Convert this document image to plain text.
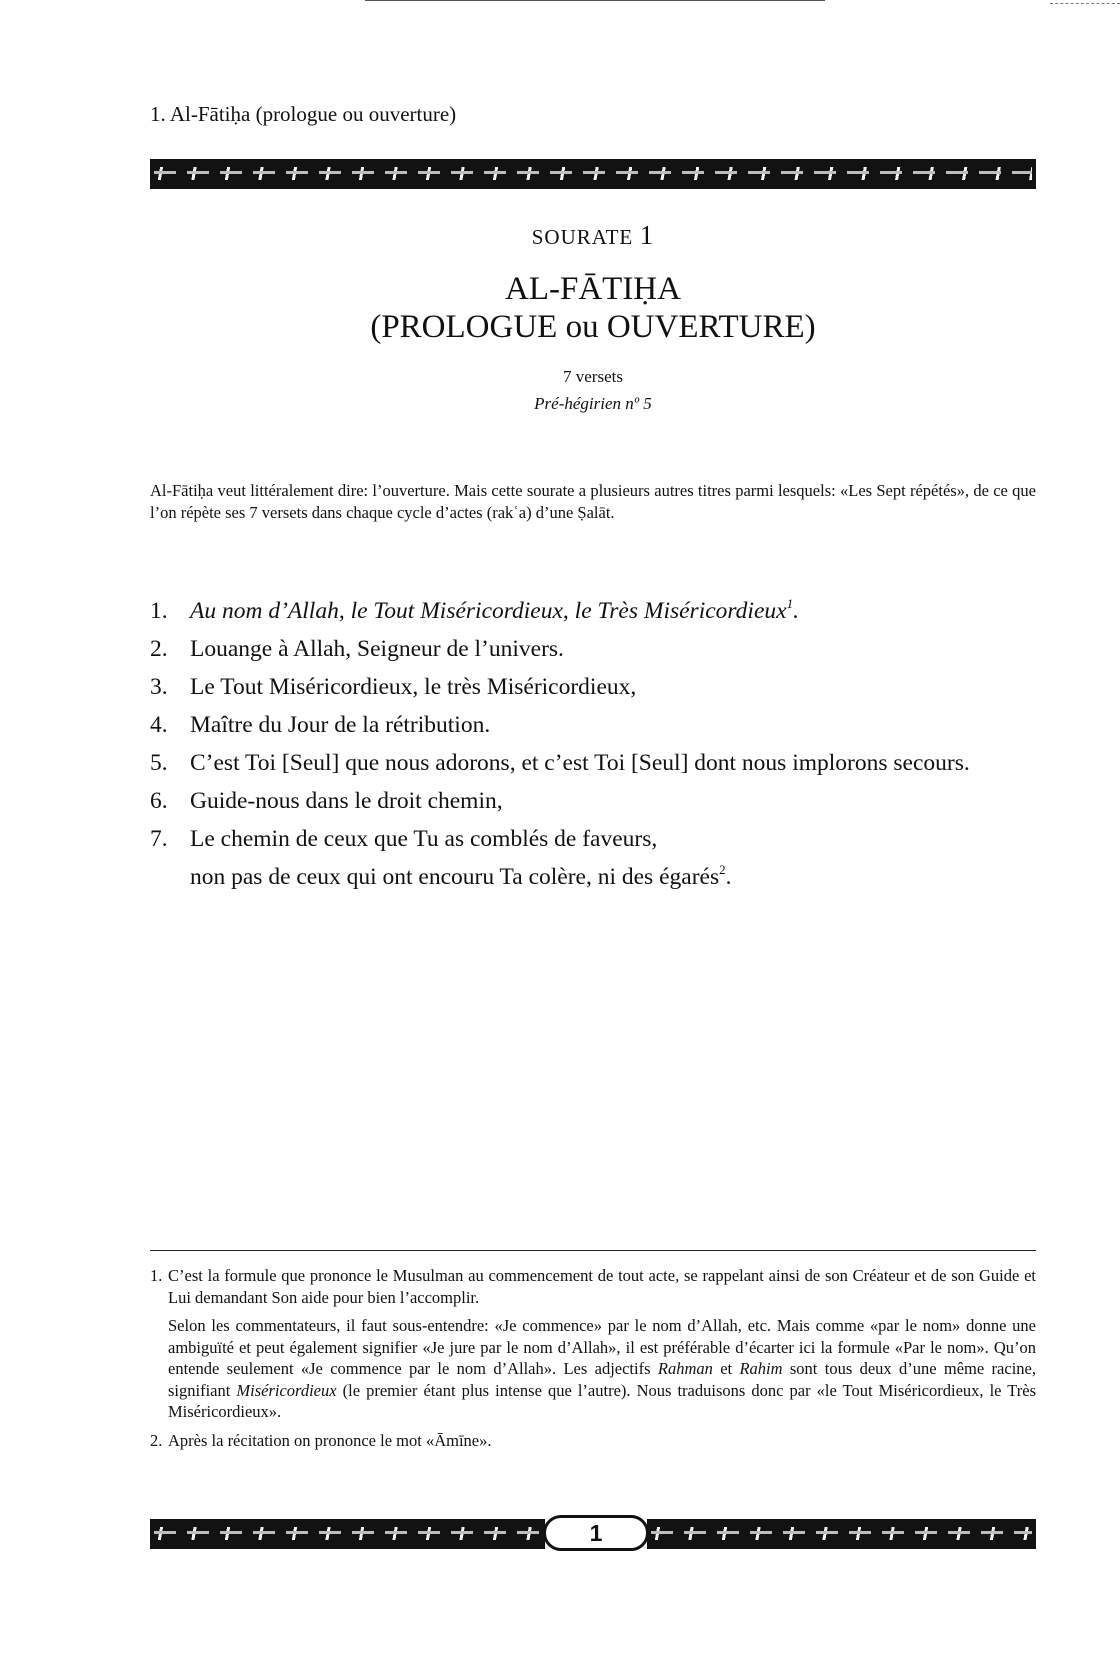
1. Al-Fātiḥa (prologue ou ouverture)
SOURATE 1
AL-FĀTIḤA
(PROLOGUE ou OUVERTURE)
7 versets
Pré-hégirien nº 5
Al-Fātiḥa veut littéralement dire: l’ouverture. Mais cette sourate a plusieurs autres titres parmi lesquels: «Les Sept répétés», de ce que l’on répète ses 7 versets dans chaque cycle d’actes (rakʿa) d’une Ṣalāt.
1. Au nom d’Allah, le Tout Miséricordieux, le Très Miséricordieux$^1$.
2. Louange à Allah, Seigneur de l’univers.
3. Le Tout Miséricordieux, le très Miséricordieux,
4. Maître du Jour de la rétribution.
5. C’est Toi [Seul] que nous adorons, et c’est Toi [Seul] dont nous implorons secours.
6. Guide-nous dans le droit chemin,
7. Le chemin de ceux que Tu as comblés de faveurs,
non pas de ceux qui ont encouru Ta colère, ni des égarés$^2$.
1. C’est la formule que prononce le Musulman au commencement de tout acte, se rappelant ainsi de son Créateur et de son Guide et Lui demandant Son aide pour bien l’accomplir.
Selon les commentateurs, il faut sous-entendre: «Je commence» par le nom d’Allah, etc. Mais comme «par le nom» donne une ambiguïté et peut également signifier «Je jure par le nom d’Allah», il est préférable d’écarter ici la formule «Par le nom». Qu’on entende seulement «Je commence par le nom d’Allah». Les adjectifs Rahman et Rahim sont tous deux d’une même racine, signifiant Miséricordieux (le premier étant plus intense que l’autre). Nous traduisons donc par «le Tout Miséricordieux, le Très Miséricordieux».
2. Après la récitation on prononce le mot «Āmīne».
1
